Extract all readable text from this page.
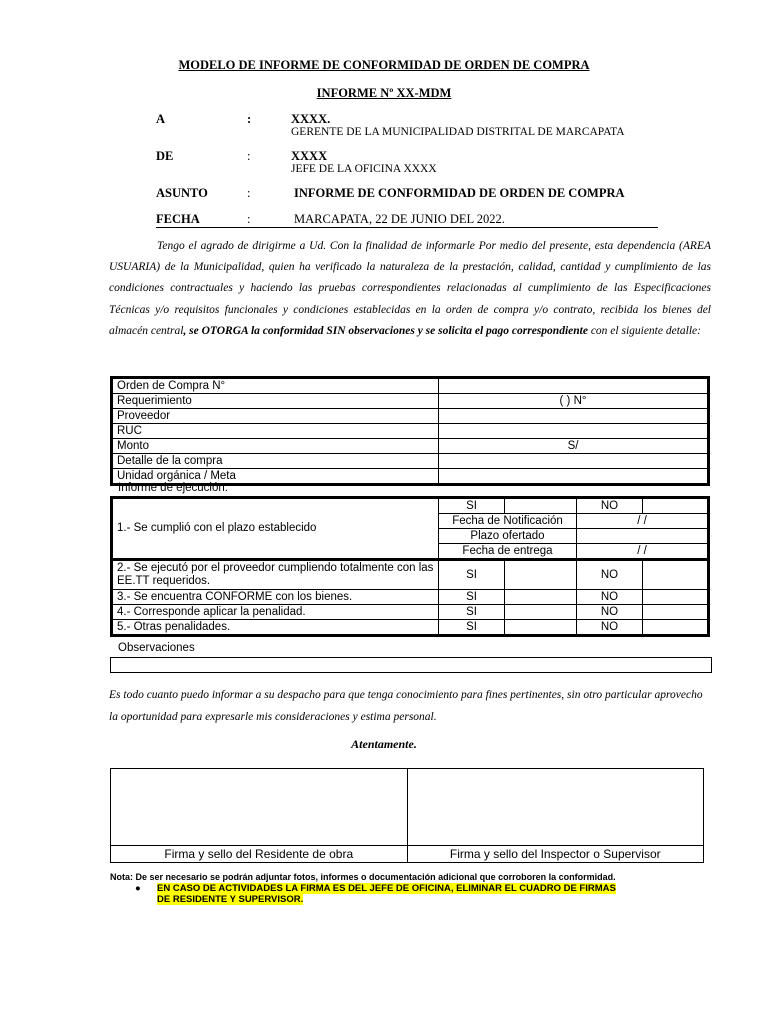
MODELO DE INFORME DE CONFORMIDAD DE ORDEN DE COMPRA
INFORME Nº XX-MDM
A	:	XXXX.
GERENTE DE LA MUNICIPALIDAD DISTRITAL DE MARCAPATA
DE	:	XXXX
JEFE DE LA OFICINA XXXX
ASUNTO	:	INFORME DE CONFORMIDAD DE ORDEN DE COMPRA
FECHA	:	MARCAPATA, 22 DE JUNIO DEL 2022.
Tengo el agrado de dirigirme a Ud. Con la finalidad de informarle Por medio del presente, esta dependencia (AREA USUARIA) de la Municipalidad, quien ha verificado la naturaleza de la prestación, calidad, cantidad y cumplimiento de las condiciones contractuales y haciendo las pruebas correspondientes relacionadas al cumplimiento de las Especificaciones Técnicas y/o requisitos funcionales y condiciones establecidas en la orden de compra y/o contrato, recibida los bienes del almacén central, se OTORGA la conformidad SIN observaciones y se solicita el pago correspondiente con el siguiente detalle:
Orden de Compra N°	
Requerimiento	( ) N°
Proveedor	
RUC	
Monto	S/
Detalle de la compra	
Unidad orgánica / Meta	
Informe de ejecución:
1.- Se cumplió con el plazo establecido	SI		NO	
	Fecha de Notificación		/ /	
	Plazo ofertado			
	Fecha de entrega		/ /	
2.- Se ejecutó por el proveedor cumpliendo totalmente con las EE.TT requeridos.	SI		NO	
3.- Se encuentra CONFORME con los bienes.	SI		NO	
4.- Corresponde aplicar la penalidad.	SI		NO	
5.- Otras penalidades.	SI		NO	
Observaciones
Es todo cuanto puedo informar a su despacho para que tenga conocimiento para fines pertinentes, sin otro particular aprovecho la oportunidad para expresarle mis consideraciones y estima personal.
Atentamente.

Firma y sello del Residente de obra	Firma y sello del Inspector o Supervisor
Nota: De ser necesario se podrán adjuntar fotos, informes o documentación adicional que corroboren la conformidad.
● EN CASO DE ACTIVIDADES LA FIRMA ES DEL JEFE DE OFICINA, ELIMINAR EL CUADRO DE FIRMAS
DE RESIDENTE Y SUPERVISOR.
